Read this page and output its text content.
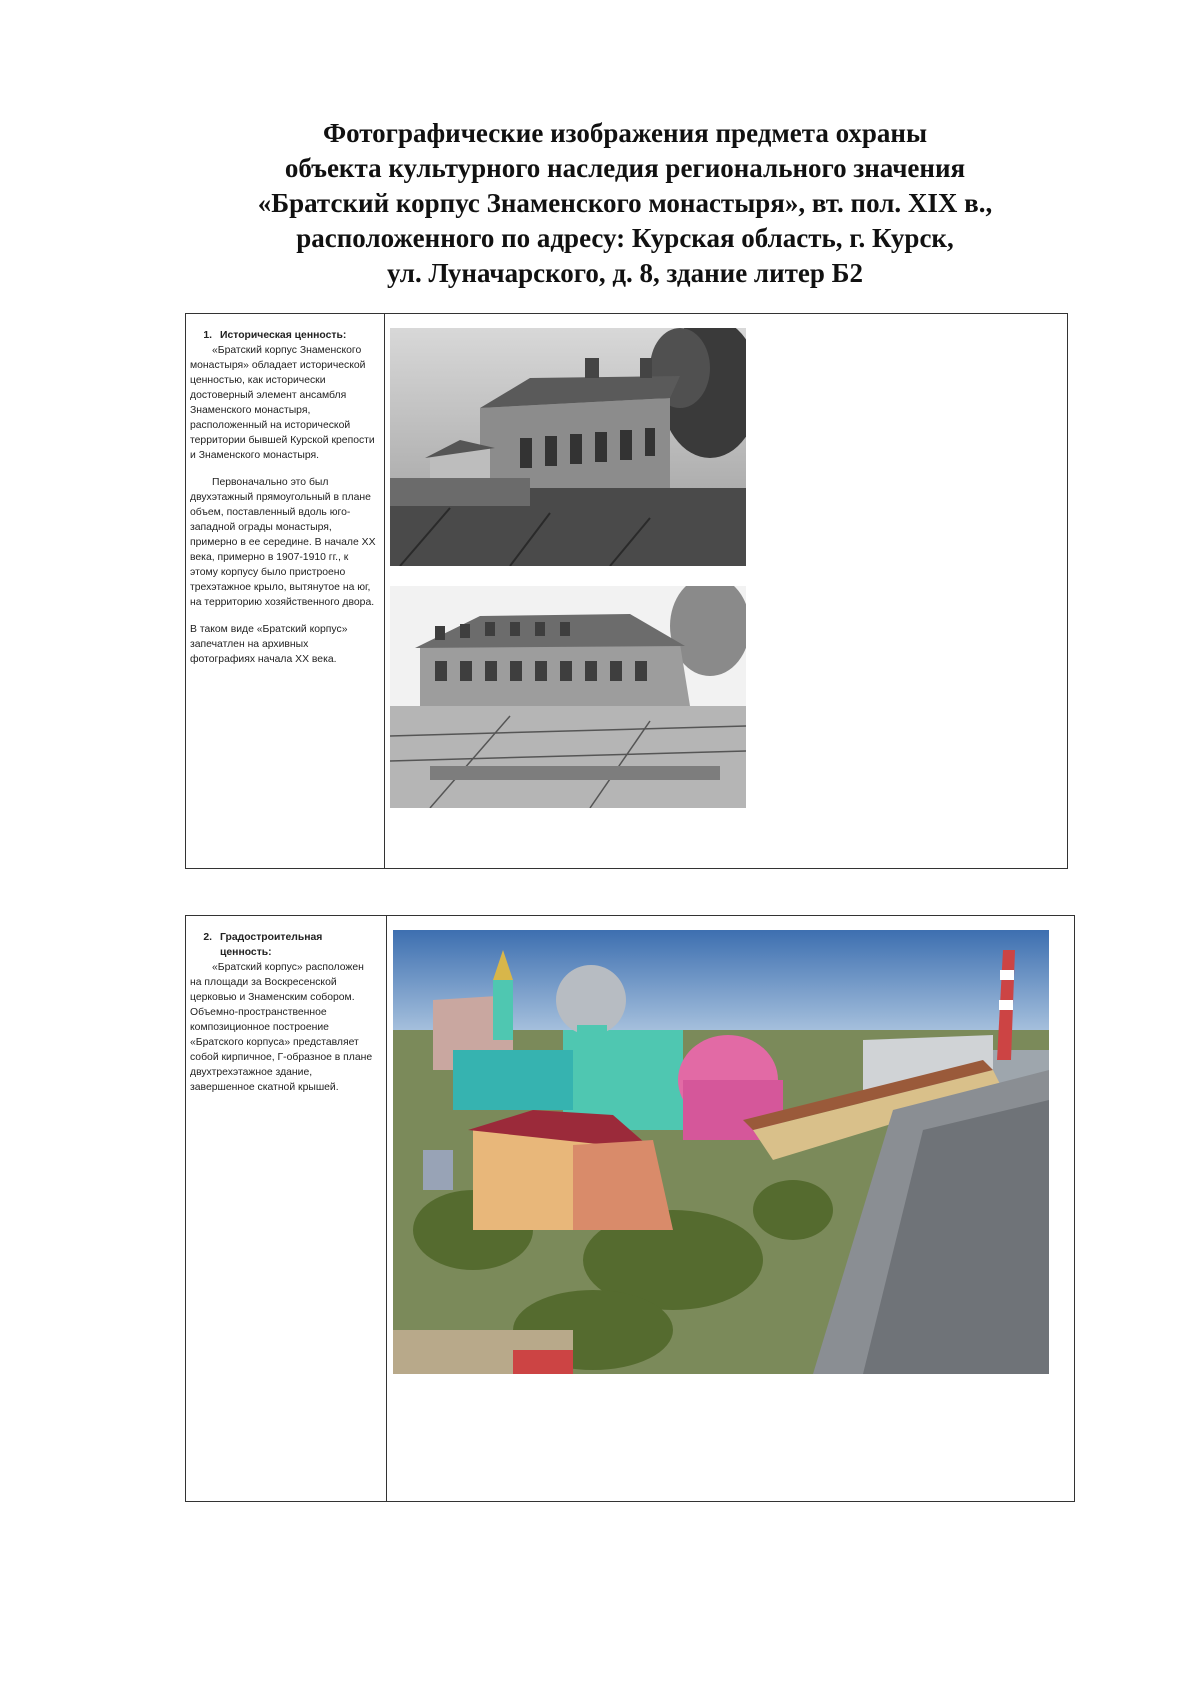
Фотографические изображения предмета охраны
объекта культурного наследия регионального значения
«Братский корпус Знаменского монастыря», вт. пол. XIX в.,
расположенного по адресу: Курская область, г. Курск,
ул. Луначарского, д. 8, здание литер Б2
1. Историческая ценность:

«Братский корпус Знаменского монастыря» обладает исторической ценностью, как исторически достоверный элемент ансамбля Знаменского монастыря, расположенный на исторической территории бывшей Курской крепости и Знаменского монастыря.

Первоначально это был двухэтажный прямоугольный в плане объем, поставленный вдоль юго-западной ограды монастыря, примерно в ее середине. В начале XX века, примерно в 1907-1910 гг., к этому корпусу было пристроено трехэтажное крыло, вытянутое на юг, на территорию хозяйственного двора.

В таком виде «Братский корпус» запечатлен на архивных фотографиях начала XX века.

2. Градостроительная ценность:

«Братский корпус» расположен на площади за Воскресенской церковью и Знаменским собором. Объемно-пространственное композиционное построение «Братского корпуса» представляет собой кирпичное, Г-образное в плане двухтрехэтажное здание, завершенное скатной крышей.
